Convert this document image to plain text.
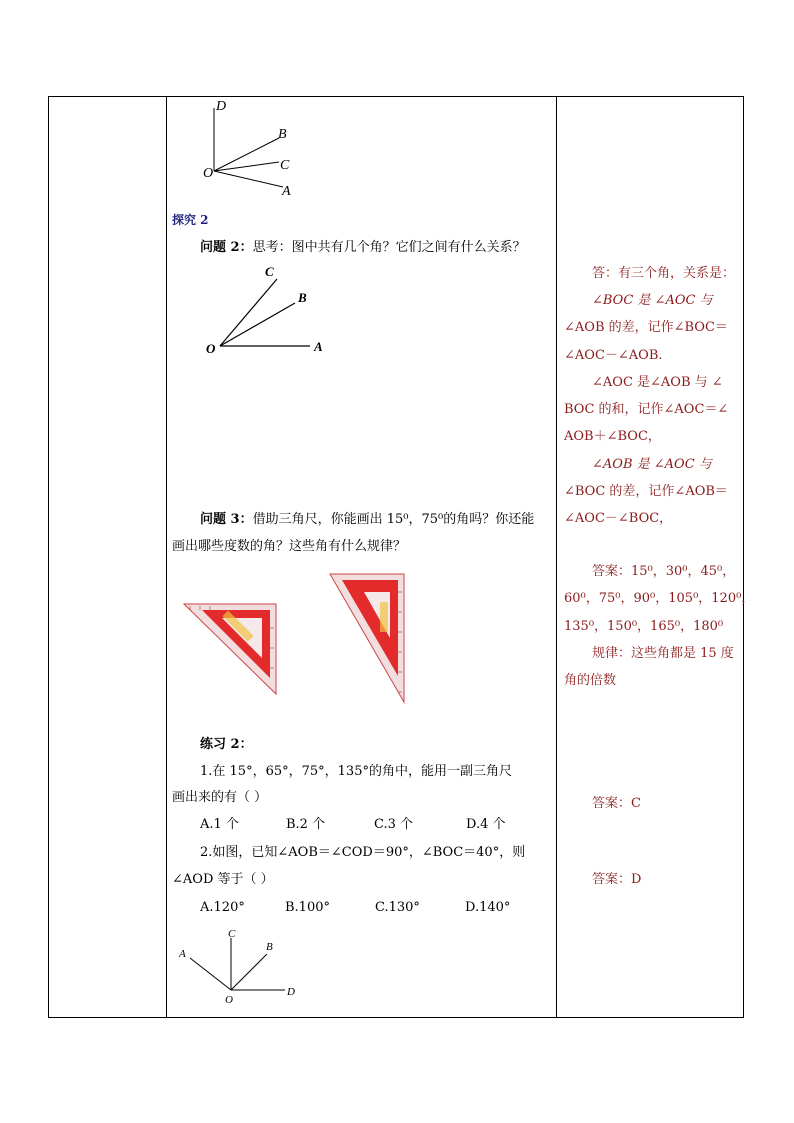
D
B
C
O
A
探究 2
问题 2：思考：图中共有几个角？它们之间有什么关系？
C
B
O	A
问题 3：借助三角尺，你能画出 15⁰，75⁰的角吗？你还能
画出哪些度数的角？这些角有什么规律？
练习 2：
1.在 15°，65°，75°，135°的角中，能用一副三角尺
画出来的有（ ）
A.1 个	B.2 个	C.3 个	D.4 个
2.如图，已知∠AOB＝∠COD＝90°，∠BOC＝40°，则
∠AOD 等于（ ）
A.120°	B.100°	C.130°	D.140°
C
B
A
O
D
答：有三个角，关系是：
∠BOC 是 ∠AOC 与
∠AOB 的差，记作∠BOC＝
∠AOC－∠AOB.
∠AOC 是∠AOB 与 ∠
BOC 的和，记作∠AOC＝∠
AOB＋∠BOC，
∠AOB 是 ∠AOC 与
∠BOC 的差，记作∠AOB＝
∠AOC－∠BOC，
答案：15⁰，30⁰，45⁰，
60⁰，75⁰，90⁰，105⁰，120⁰，
135⁰，150⁰，165⁰，180⁰
规律：这些角都是 15 度
角的倍数
答案：C
答案：D
